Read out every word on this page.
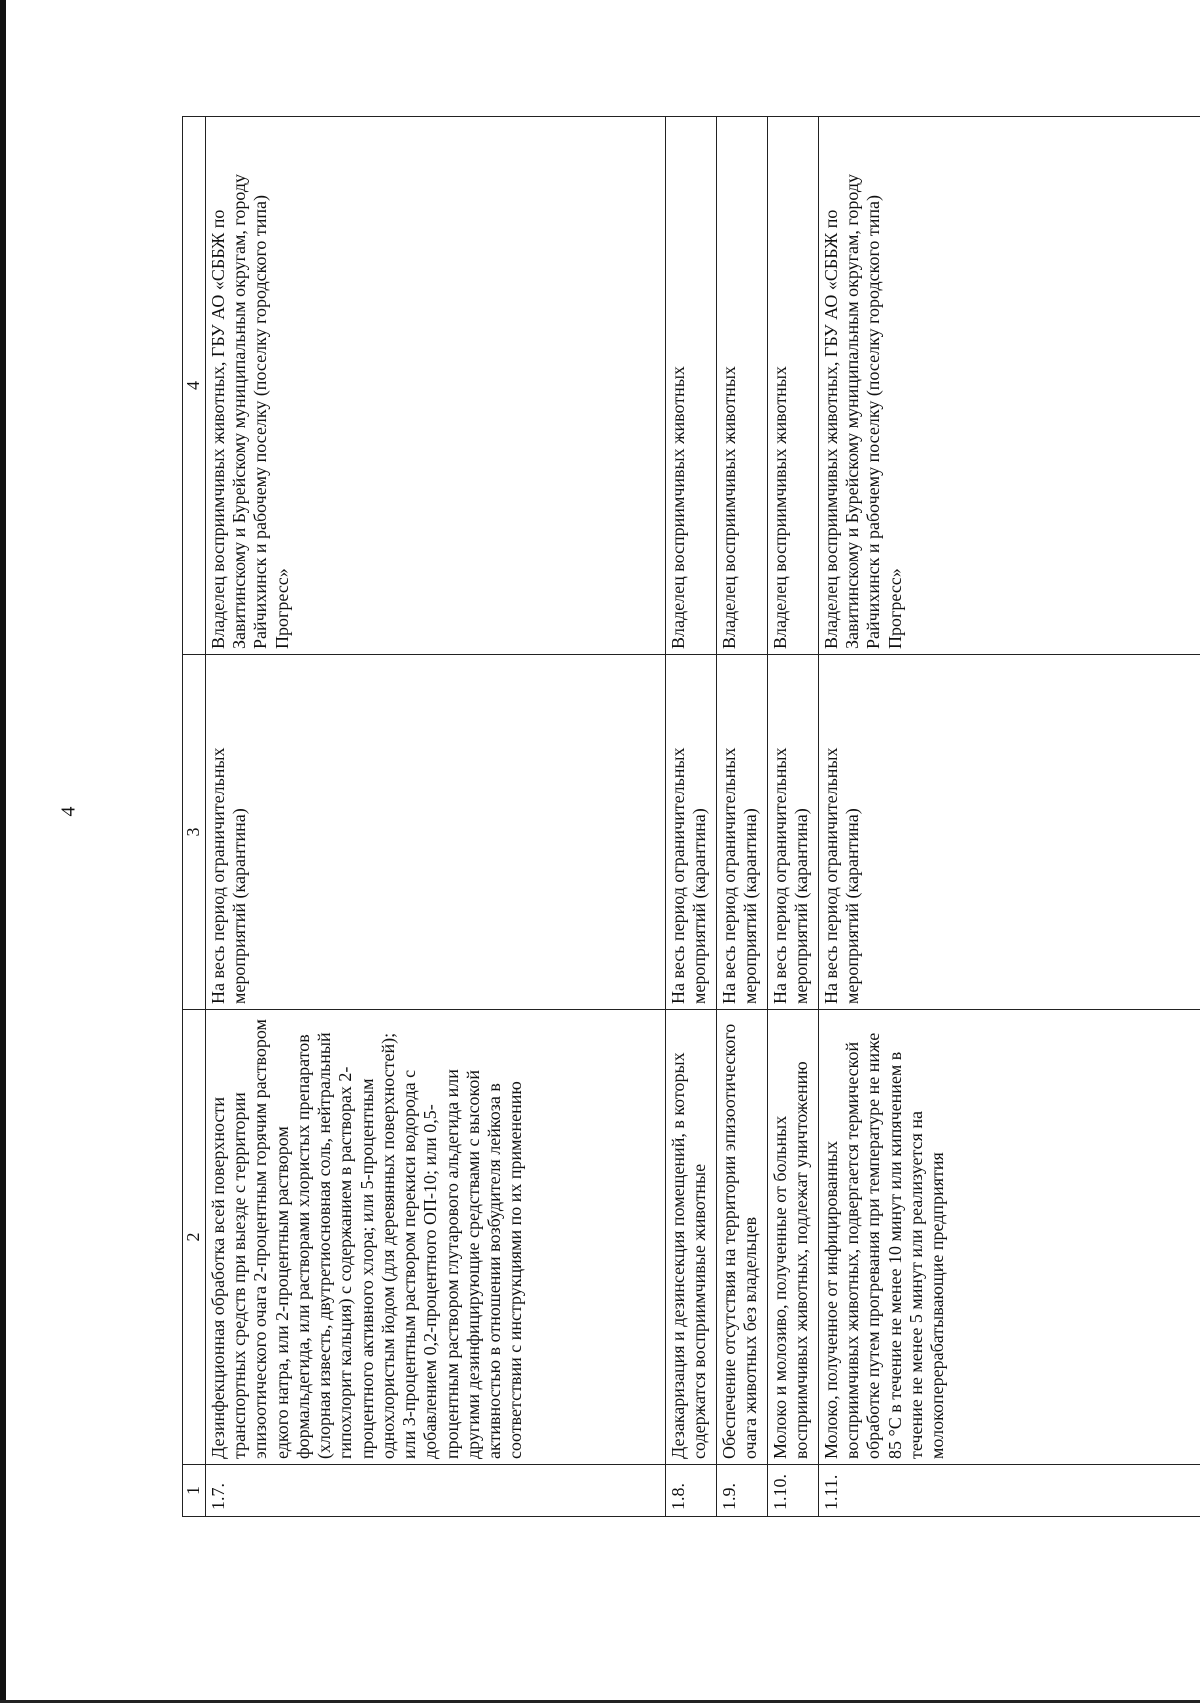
4
1	2	3	4
1.7.	Дезинфекционная обработка всей поверхности транспортных средств при выезде с территории эпизоотического очага 2-процентным горячим раствором едкого натра, или 2-процентным раствором формальдегида, или растворами хлористых препаратов (хлорная известь, двутретиосновная соль, нейтральный гипохлорит кальция) с содержанием в растворах 2-процентного активного хлора; или 5-процентным однохлористым йодом (для деревянных поверхностей); или 3-процентным раствором перекиси водорода с добавлением 0,2-процентного ОП-10; или 0,5-процентным раствором глутарового альдегида или другими дезинфицирующие средствами с высокой активностью в отношении возбудителя лейкоза в соответствии с инструкциями по их применению	На весь период ограничительных мероприятий (карантина)	Владелец восприимчивых животных, ГБУ АО «СББЖ по Завитинскому и Бурейскому муниципальным округам, городу Райчихинск и рабочему поселку (поселку городского типа) Прогресс»
1.8.	Дезакаризация и дезинсекция помещений, в которых содержатся восприимчивые животные	На весь период ограничительных мероприятий (карантина)	Владелец восприимчивых животных
1.9.	Обеспечение отсутствия на территории эпизоотического очага животных без владельцев	На весь период ограничительных мероприятий (карантина)	Владелец восприимчивых животных
1.10.	Молоко и молозиво, полученные от больных восприимчивых животных, подлежат уничтожению	На весь период ограничительных мероприятий (карантина)	Владелец восприимчивых животных
1.11.	Молоко, полученное от инфицированных восприимчивых животных, подвергается термической обработке путем прогревания при температуре не ниже 85 °С в течение не менее 10 минут или кипячением в течение не менее 5 минут или реализуется на молокоперерабатывающие предприятия	На весь период ограничительных мероприятий (карантина)	Владелец восприимчивых животных, ГБУ АО «СББЖ по Завитинскому и Бурейскому муниципальным округам, городу Райчихинск и рабочему поселку (поселку городского типа) Прогресс»
